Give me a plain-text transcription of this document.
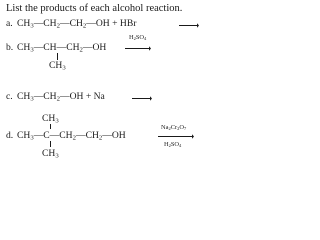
List the products of each alcohol reaction.
a. $CH_3—CH_2—CH_2—OH$ + HBr
$H_2SO_4$
b. $CH_3—CH—CH_2—OH$ →
$CH_3$
c. $CH_3—CH_2—OH + Na$
$CH_3$
$Na_2Cr_2O_7$
d. $CH_3—C—CH_2—CH_2—OH$
$H_2SO_4$
$CH_3$
